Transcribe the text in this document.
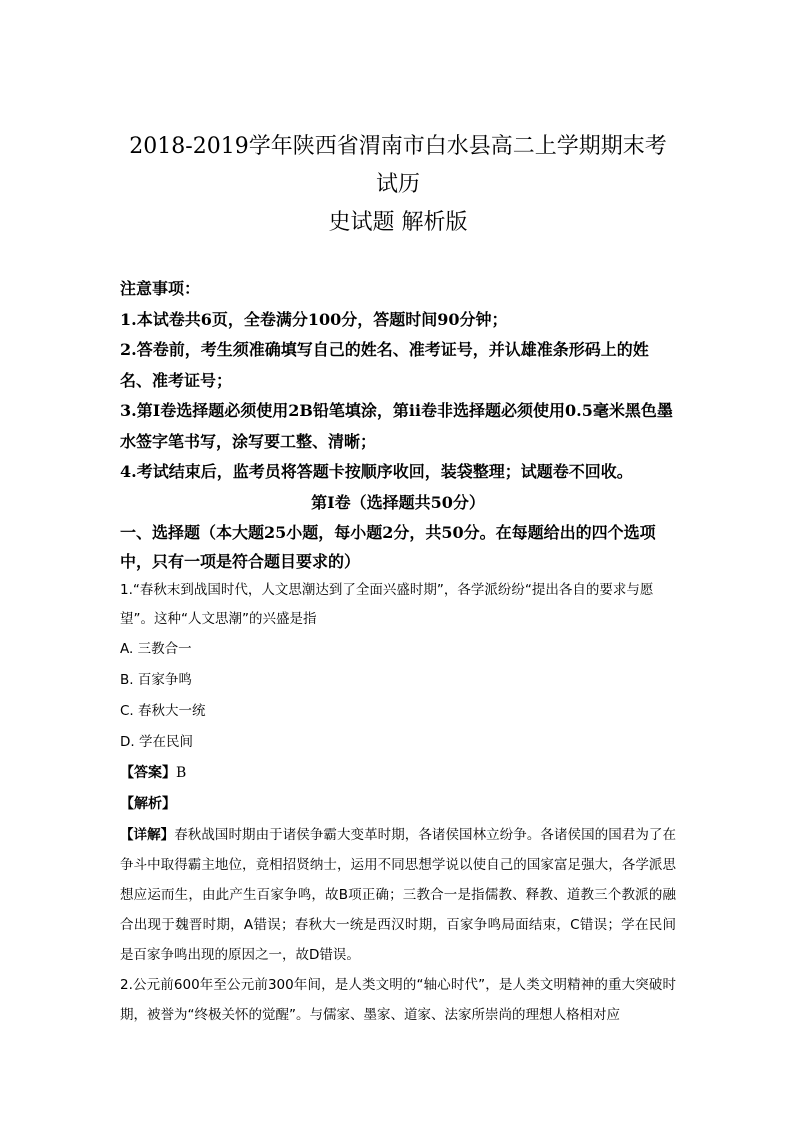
2018-2019学年陕西省渭南市白水县高二上学期期末考试历
史试题 解析版

注意事项：

1.本试卷共6页，全卷满分100分，答题时间90分钟；

2.答卷前，考生须准确填写自己的姓名、准考证号，并认雄准条形码上的姓名、准考证号；

3.第Ⅰ卷选择题必须使用2B铅笔填涂，第ⅱ卷非选择题必须使用0.5毫米黑色墨水签字笔书写，涂写要工整、清晰；

4.考试结束后，监考员将答题卡按顺序收回，装袋整理；试题卷不回收。

第Ⅰ卷（选择题共50分）

一、选择题（本大题25小题，每小题2分，共50分。在每题给出的四个选项中，只有一项是符合题目要求的）

1.“春秋末到战国时代，人文思潮达到了全面兴盛时期”，各学派纷纷“提出各自的要求与愿望”。这种“人文思潮”的兴盛是指

A. 三教合一

B. 百家争鸣

C. 春秋大一统

D. 学在民间

【答案】B

【解析】

【详解】春秋战国时期由于诸侯争霸大变革时期，各诸侯国林立纷争。各诸侯国的国君为了在争斗中取得霸主地位，竟相招贤纳士，运用不同思想学说以使自己的国家富足强大，各学派思想应运而生，由此产生百家争鸣，故B项正确；三教合一是指儒教、释教、道教三个教派的融合出现于魏晋时期，A错误；春秋大一统是西汉时期，百家争鸣局面结束，C错误；学在民间是百家争鸣出现的原因之一，故D错误。

2.公元前600年至公元前300年间，是人类文明的“轴心时代”，是人类文明精神的重大突破时期，被誉为“终极关怀的觉醒”。与儒家、墨家、道家、法家所崇尚的理想人格相对应
